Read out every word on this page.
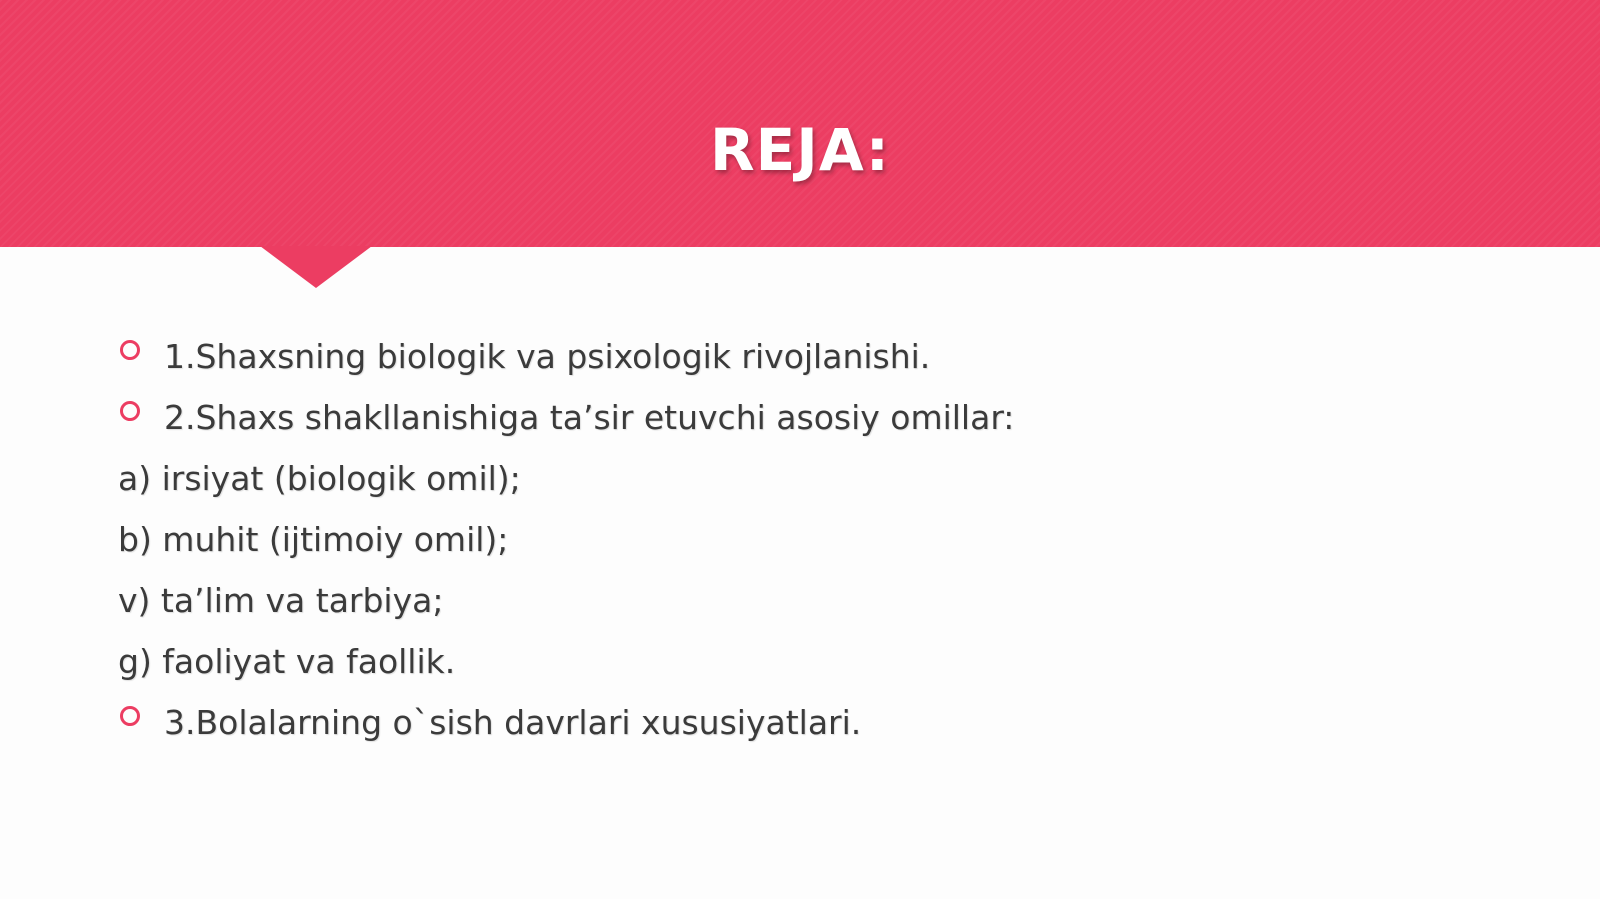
REJA:
1.Shaxsning biologik va psixologik rivojlanishi.
2.Shaxs shakllanishiga ta’sir etuvchi asosiy omillar:
a) irsiyat (biologik omil);
b) muhit (ijtimoiy omil);
v) ta’lim va tarbiya;
g) faoliyat va faollik.
3.Bolalarning o`sish davrlari xususiyatlari.
